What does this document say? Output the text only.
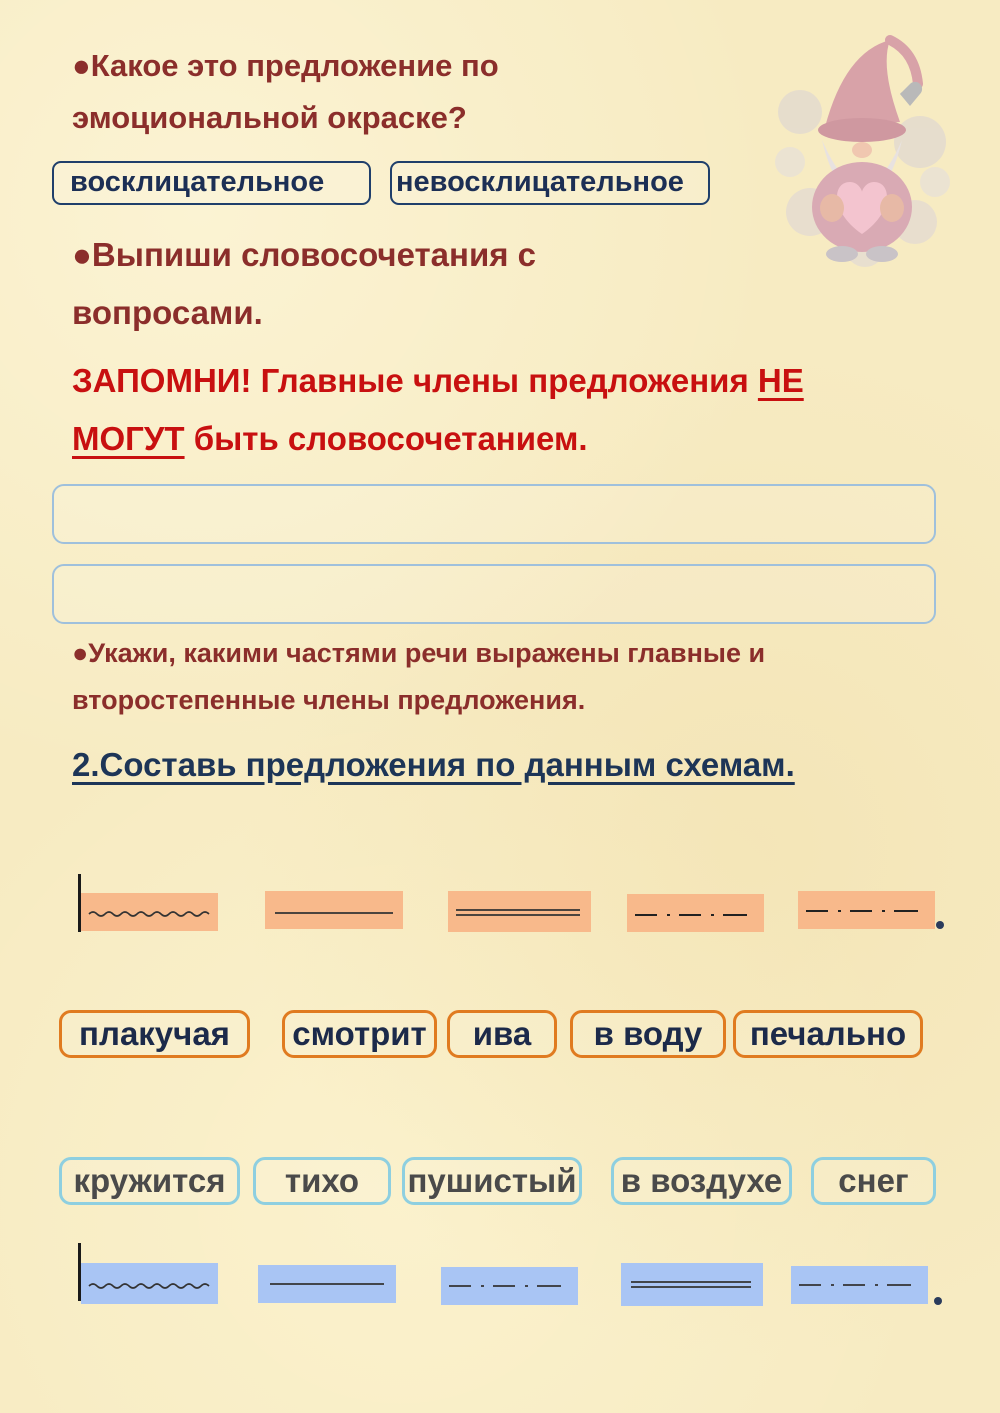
●Какое это предложение по
эмоциональной окраске?
восклицательное	невосклицательное
●Выпиши словосочетания с
вопросами.
ЗАПОМНИ! Главные члены предложения НЕ
МОГУТ быть словосочетанием.
●Укажи, какими частями речи выражены главные и
второстепенные члены предложения.
2.Составь предложения по данным схемам.
плакучая	смотрит	ива	в воду	печально
кружится	тихо	пушистый в воздухе	снег
